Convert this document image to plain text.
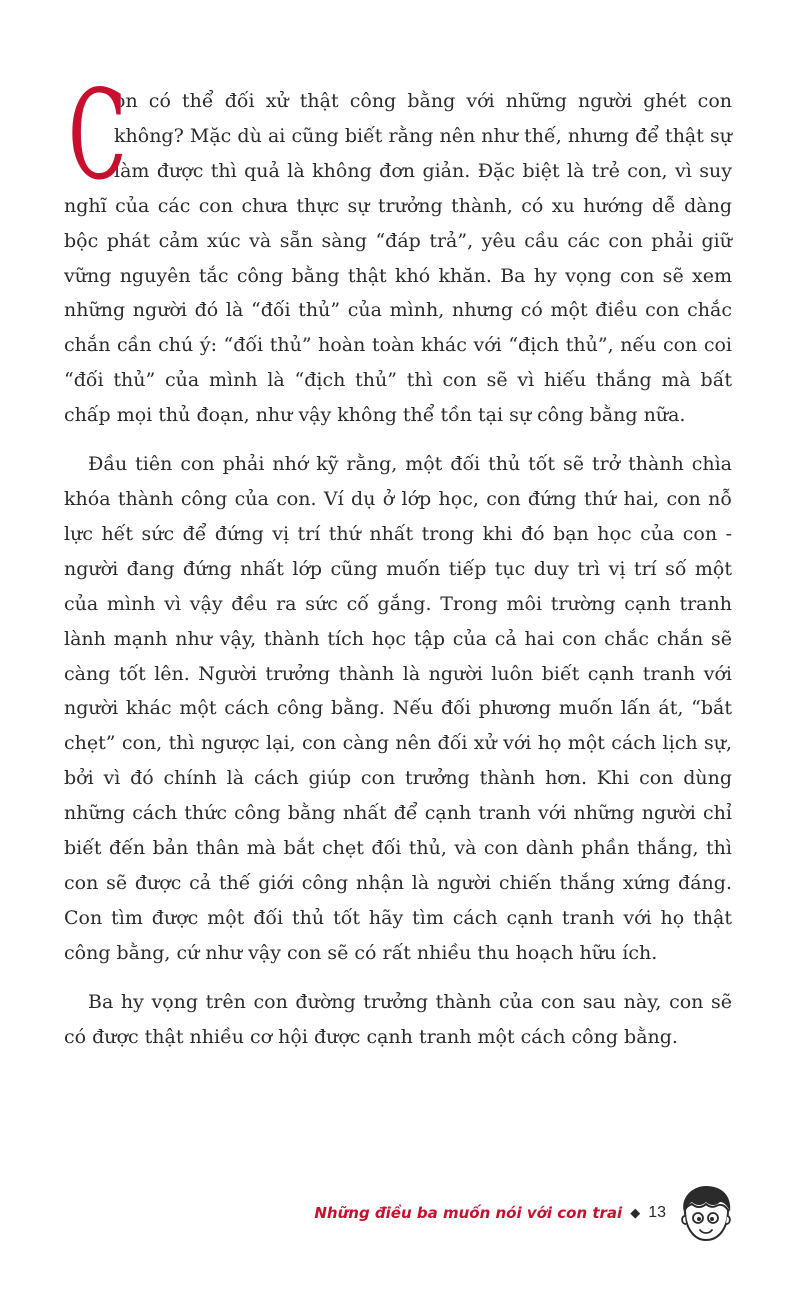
C
on có thể đối xử thật công bằng với những người ghét con không? Mặc dù ai cũng biết rằng nên như thế, nhưng để thật sự làm được thì quả là không đơn giản. Đặc biệt là trẻ con, vì suy nghĩ của các con chưa thực sự trưởng thành, có xu hướng dễ dàng bộc phát cảm xúc và sẵn sàng “đáp trả”, yêu cầu các con phải giữ vững nguyên tắc công bằng thật khó khăn. Ba hy vọng con sẽ xem những người đó là “đối thủ” của mình, nhưng có một điều con chắc chắn cần chú ý: “đối thủ” hoàn toàn khác với “địch thủ”, nếu con coi “đối thủ” của mình là “địch thủ” thì con sẽ vì hiếu thắng mà bất chấp mọi thủ đoạn, như vậy không thể tồn tại sự công bằng nữa.

Đầu tiên con phải nhớ kỹ rằng, một đối thủ tốt sẽ trở thành chìa khóa thành công của con. Ví dụ ở lớp học, con đứng thứ hai, con nỗ lực hết sức để đứng vị trí thứ nhất trong khi đó bạn học của con - người đang đứng nhất lớp cũng muốn tiếp tục duy trì vị trí số một của mình vì vậy đều ra sức cố gắng. Trong môi trường cạnh tranh lành mạnh như vậy, thành tích học tập của cả hai con chắc chắn sẽ càng tốt lên. Người trưởng thành là người luôn biết cạnh tranh với người khác một cách công bằng. Nếu đối phương muốn lấn át, “bắt chẹt” con, thì ngược lại, con càng nên đối xử với họ một cách lịch sự, bởi vì đó chính là cách giúp con trưởng thành hơn. Khi con dùng những cách thức công bằng nhất để cạnh tranh với những người chỉ biết đến bản thân mà bắt chẹt đối thủ, và con dành phần thắng, thì con sẽ được cả thế giới công nhận là người chiến thắng xứng đáng. Con tìm được một đối thủ tốt hãy tìm cách cạnh tranh với họ thật công bằng, cứ như vậy con sẽ có rất nhiều thu hoạch hữu ích.

Ba hy vọng trên con đường trưởng thành của con sau này, con sẽ có được thật nhiều cơ hội được cạnh tranh một cách công bằng.

Những điều ba muốn nói với con trai ◆ 13
